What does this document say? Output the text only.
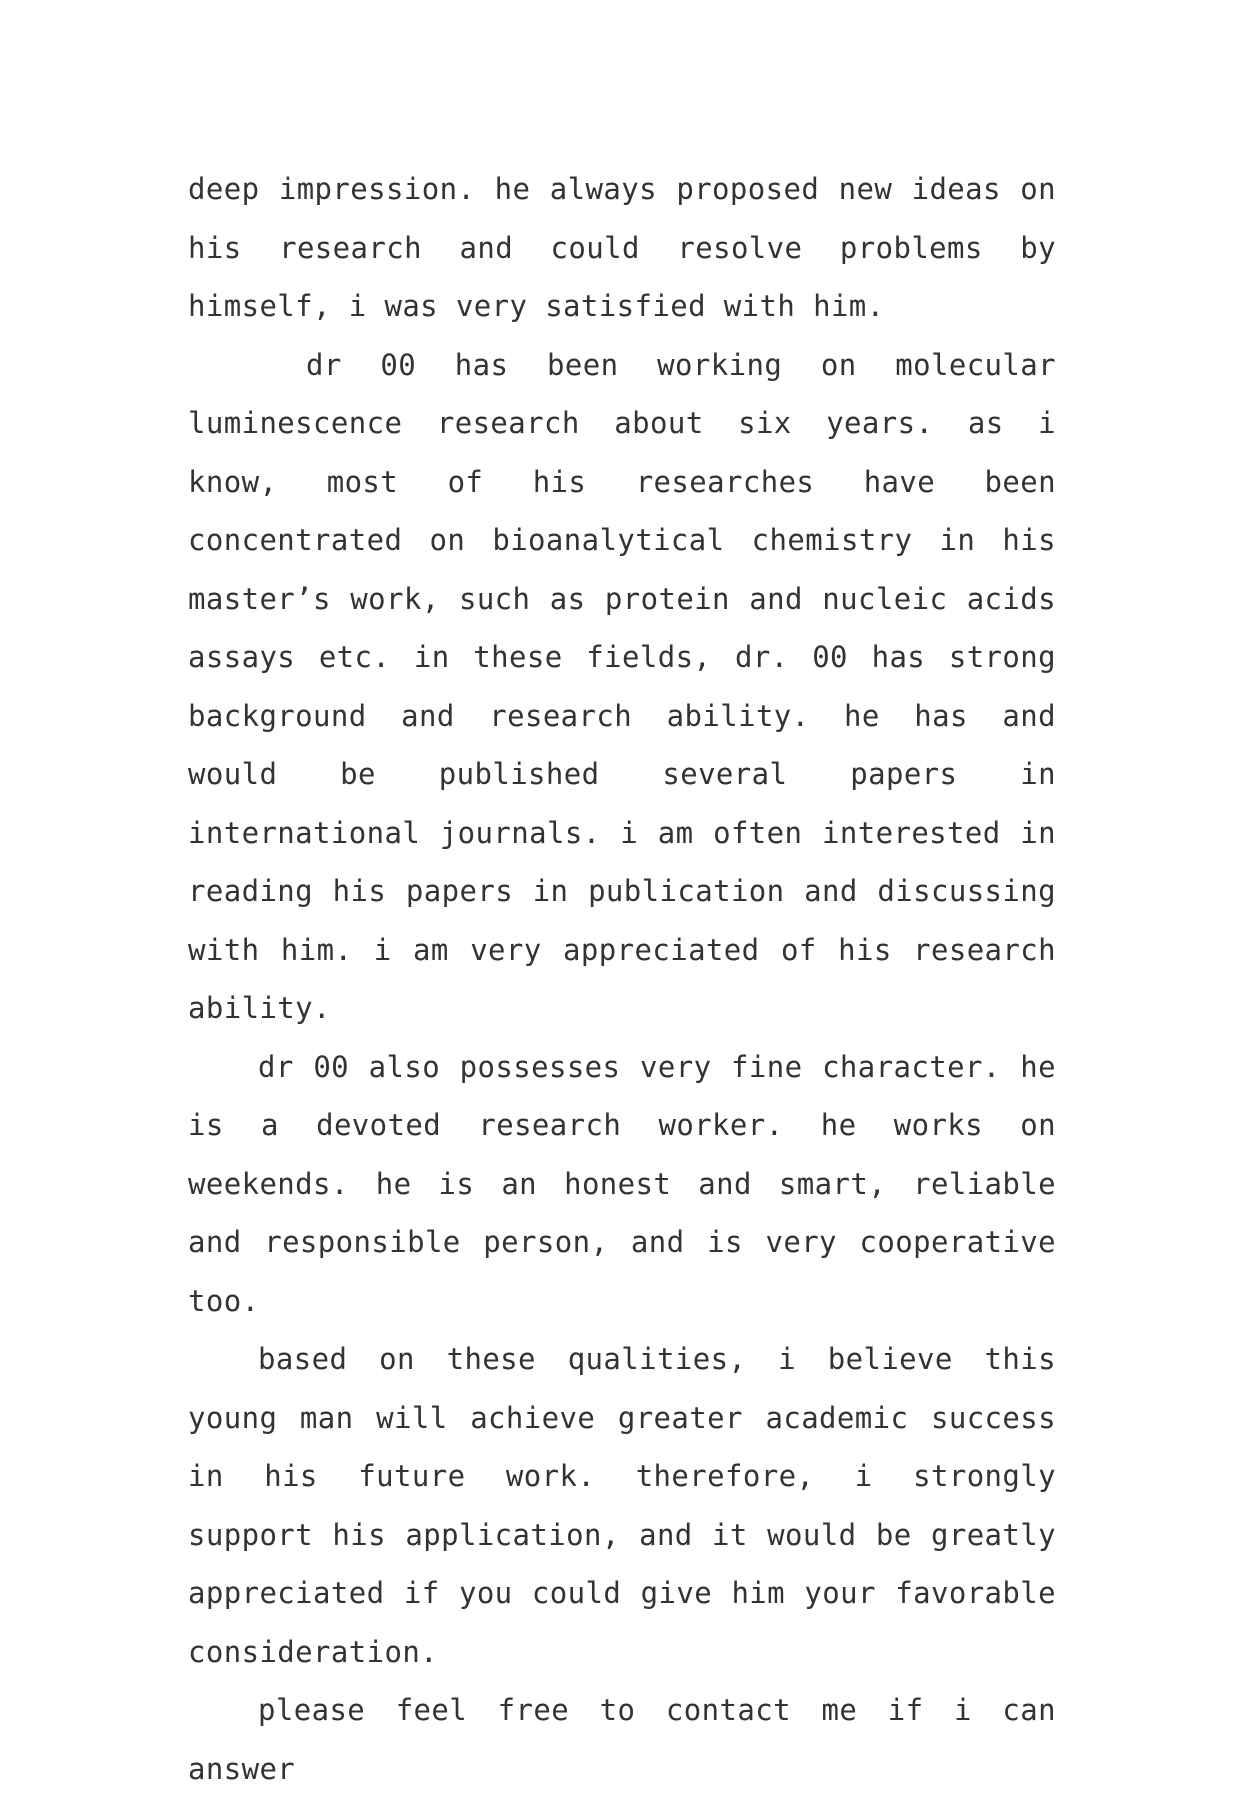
deep impression. he always proposed new ideas on his research and could resolve problems by himself, i was very satisfied with him.

dr 00 has been working on molecular luminescence research about six years. as i know, most of his researches have been concentrated on bioanalytical chemistry in his master’s work, such as protein and nucleic acids assays etc. in these fields, dr. 00 has strong background and research ability. he has and would be published several papers in international journals. i am often interested in reading his papers in publication and discussing with him. i am very appreciated of his research ability.

dr 00 also possesses very fine character. he is a devoted research worker. he works on weekends. he is an honest and smart, reliable and responsible person, and is very cooperative too.

based on these qualities, i believe this young man will achieve greater academic success in his future work. therefore, i strongly support his application, and it would be greatly appreciated if you could give him your favorable consideration.

please feel free to contact me if i can answer
